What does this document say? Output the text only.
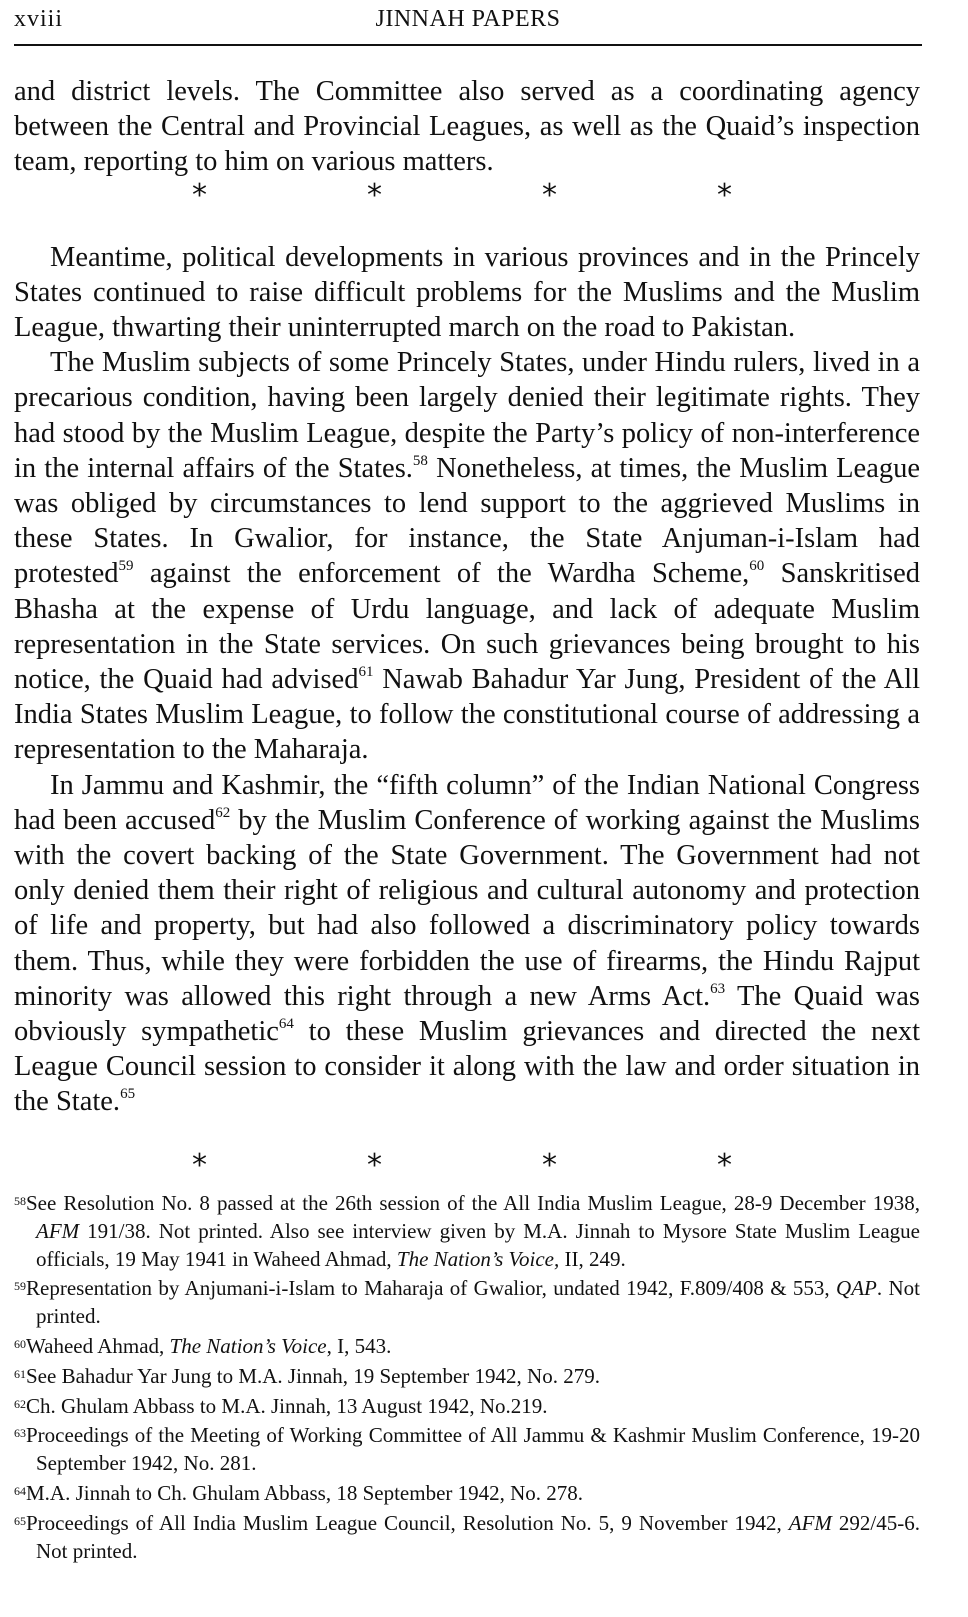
xviii	JINNAH PAPERS

and district levels. The Committee also served as a coordinating agency between the Central and Provincial Leagues, as well as the Quaid’s inspection team, reporting to him on various matters.

*	*	*	*

Meantime, political developments in various provinces and in the Princely States continued to raise difficult problems for the Muslims and the Muslim League, thwarting their uninterrupted march on the road to Pakistan.

The Muslim subjects of some Princely States, under Hindu rulers, lived in a precarious condition, having been largely denied their legitimate rights. They had stood by the Muslim League, despite the Party’s policy of non-interference in the internal affairs of the States.$^{58}$ Nonetheless, at times, the Muslim League was obliged by circumstances to lend support to the aggrieved Muslims in these States. In Gwalior, for instance, the State Anjuman-i-Islam had protested$^{59}$ against the enforcement of the Wardha Scheme,$^{60}$ Sanskritised Bhasha at the expense of Urdu language, and lack of adequate Muslim representation in the State services. On such grievances being brought to his notice, the Quaid had advised$^{61}$ Nawab Bahadur Yar Jung, President of the All India States Muslim League, to follow the constitutional course of addressing a representation to the Maharaja.

In Jammu and Kashmir, the “fifth column” of the Indian National Congress had been accused$^{62}$ by the Muslim Conference of working against the Muslims with the covert backing of the State Government. The Government had not only denied them their right of religious and cultural autonomy and protection of life and property, but had also followed a discriminatory policy towards them. Thus, while they were forbidden the use of firearms, the Hindu Rajput minority was allowed this right through a new Arms Act.$^{63}$ The Quaid was obviously sympathetic$^{64}$ to these Muslim grievances and directed the next League Council session to consider it along with the law and order situation in the State.$^{65}$

*	*	*	*
$^{58}$See Resolution No. 8 passed at the 26th session of the All India Muslim League, 28-9 December 1938, AFM 191/38. Not printed. Also see interview given by M.A. Jinnah to Mysore State Muslim League officials, 19 May 1941 in Waheed Ahmad, The Nation’s Voice, II, 249.
$^{59}$Representation by Anjumani-i-Islam to Maharaja of Gwalior, undated 1942, F.809/408 & 553, QAP. Not printed.
$^{60}$Waheed Ahmad, The Nation’s Voice, I, 543.
$^{61}$See Bahadur Yar Jung to M.A. Jinnah, 19 September 1942, No. 279.
$^{62}$Ch. Ghulam Abbass to M.A. Jinnah, 13 August 1942, No.219.
$^{63}$Proceedings of the Meeting of Working Committee of All Jammu & Kashmir Muslim Conference, 19-20 September 1942, No. 281.
$^{64}$M.A. Jinnah to Ch. Ghulam Abbass, 18 September 1942, No. 278.
$^{65}$Proceedings of All India Muslim League Council, Resolution No. 5, 9 November 1942, AFM 292/45-6. Not printed.
